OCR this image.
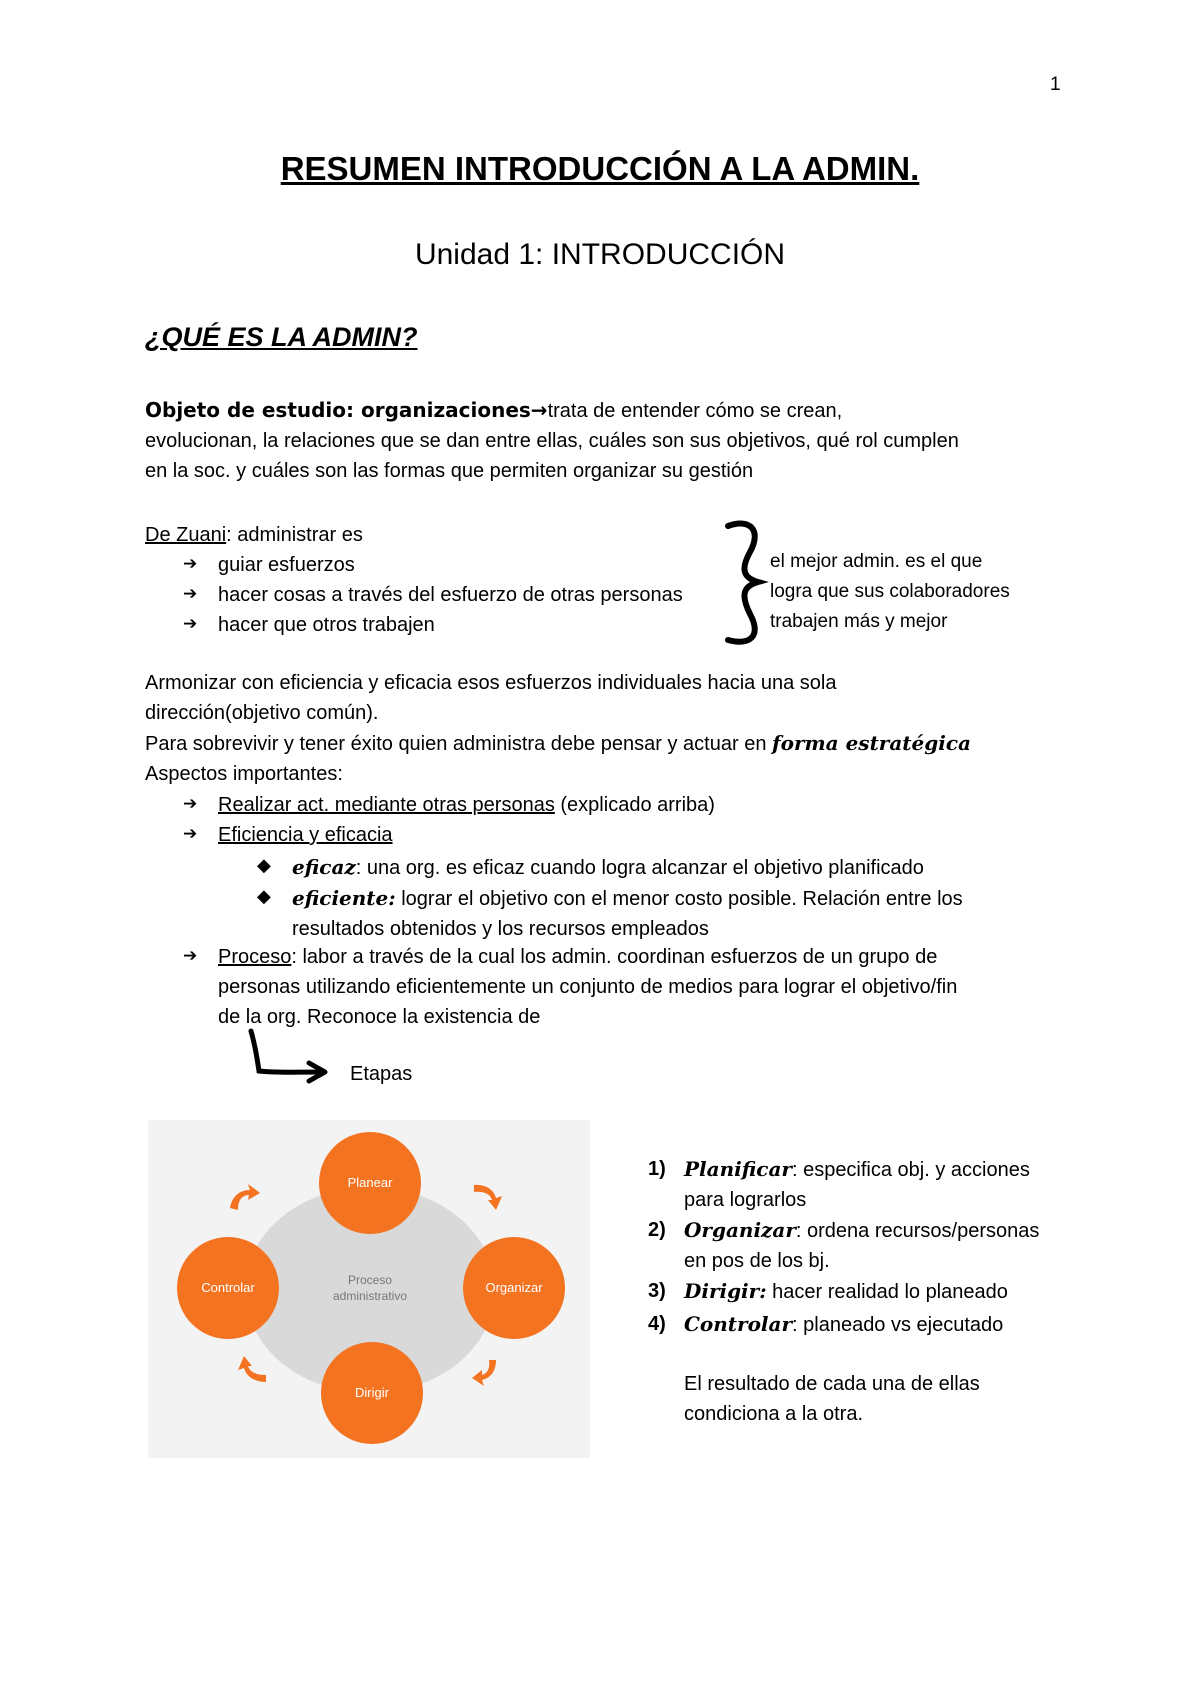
1
RESUMEN INTRODUCCIÓN A LA ADMIN.
Unidad 1: INTRODUCCIÓN
¿QUÉ ES LA ADMIN?
Objeto de estudio: organizaciones→trata de entender cómo se crean,
evolucionan, la relaciones que se dan entre ellas, cuáles son sus objetivos, qué rol cumplen
en la soc. y cuáles son las formas que permiten organizar su gestión
De Zuani: administrar es
➔ guiar esfuerzos
➔ hacer cosas a través del esfuerzo de otras personas
➔ hacer que otros trabajen
el mejor admin. es el que
logra que sus colaboradores
trabajen más y mejor
Armonizar con eficiencia y eficacia esos esfuerzos individuales hacia una sola
dirección(objetivo común).
Para sobrevivir y tener éxito quien administra debe pensar y actuar en forma estratégica
Aspectos importantes:
➔ Realizar act. mediante otras personas (explicado arriba)
➔ Eficiencia y eficacia
◆ eficaz: una org. es eficaz cuando logra alcanzar el objetivo planificado
◆ eficiente: lograr el objetivo con el menor costo posible. Relación entre los
resultados obtenidos y los recursos empleados
➔ Proceso: labor a través de la cual los admin. coordinan esfuerzos de un grupo de
personas utilizando eficientemente un conjunto de medios para lograr el objetivo/fin
de la org. Reconoce la existencia de
Etapas
Proceso
administrativo
Planear
Organizar
Dirigir
Controlar
1) Planificar: especifica obj. y acciones
para lograrlos
2) Organizar: ordena recursos/personas
en pos de los bj.
3) Dirigir: hacer realidad lo planeado
4) Controlar: planeado vs ejecutado
El resultado de cada una de ellas
condiciona a la otra.
